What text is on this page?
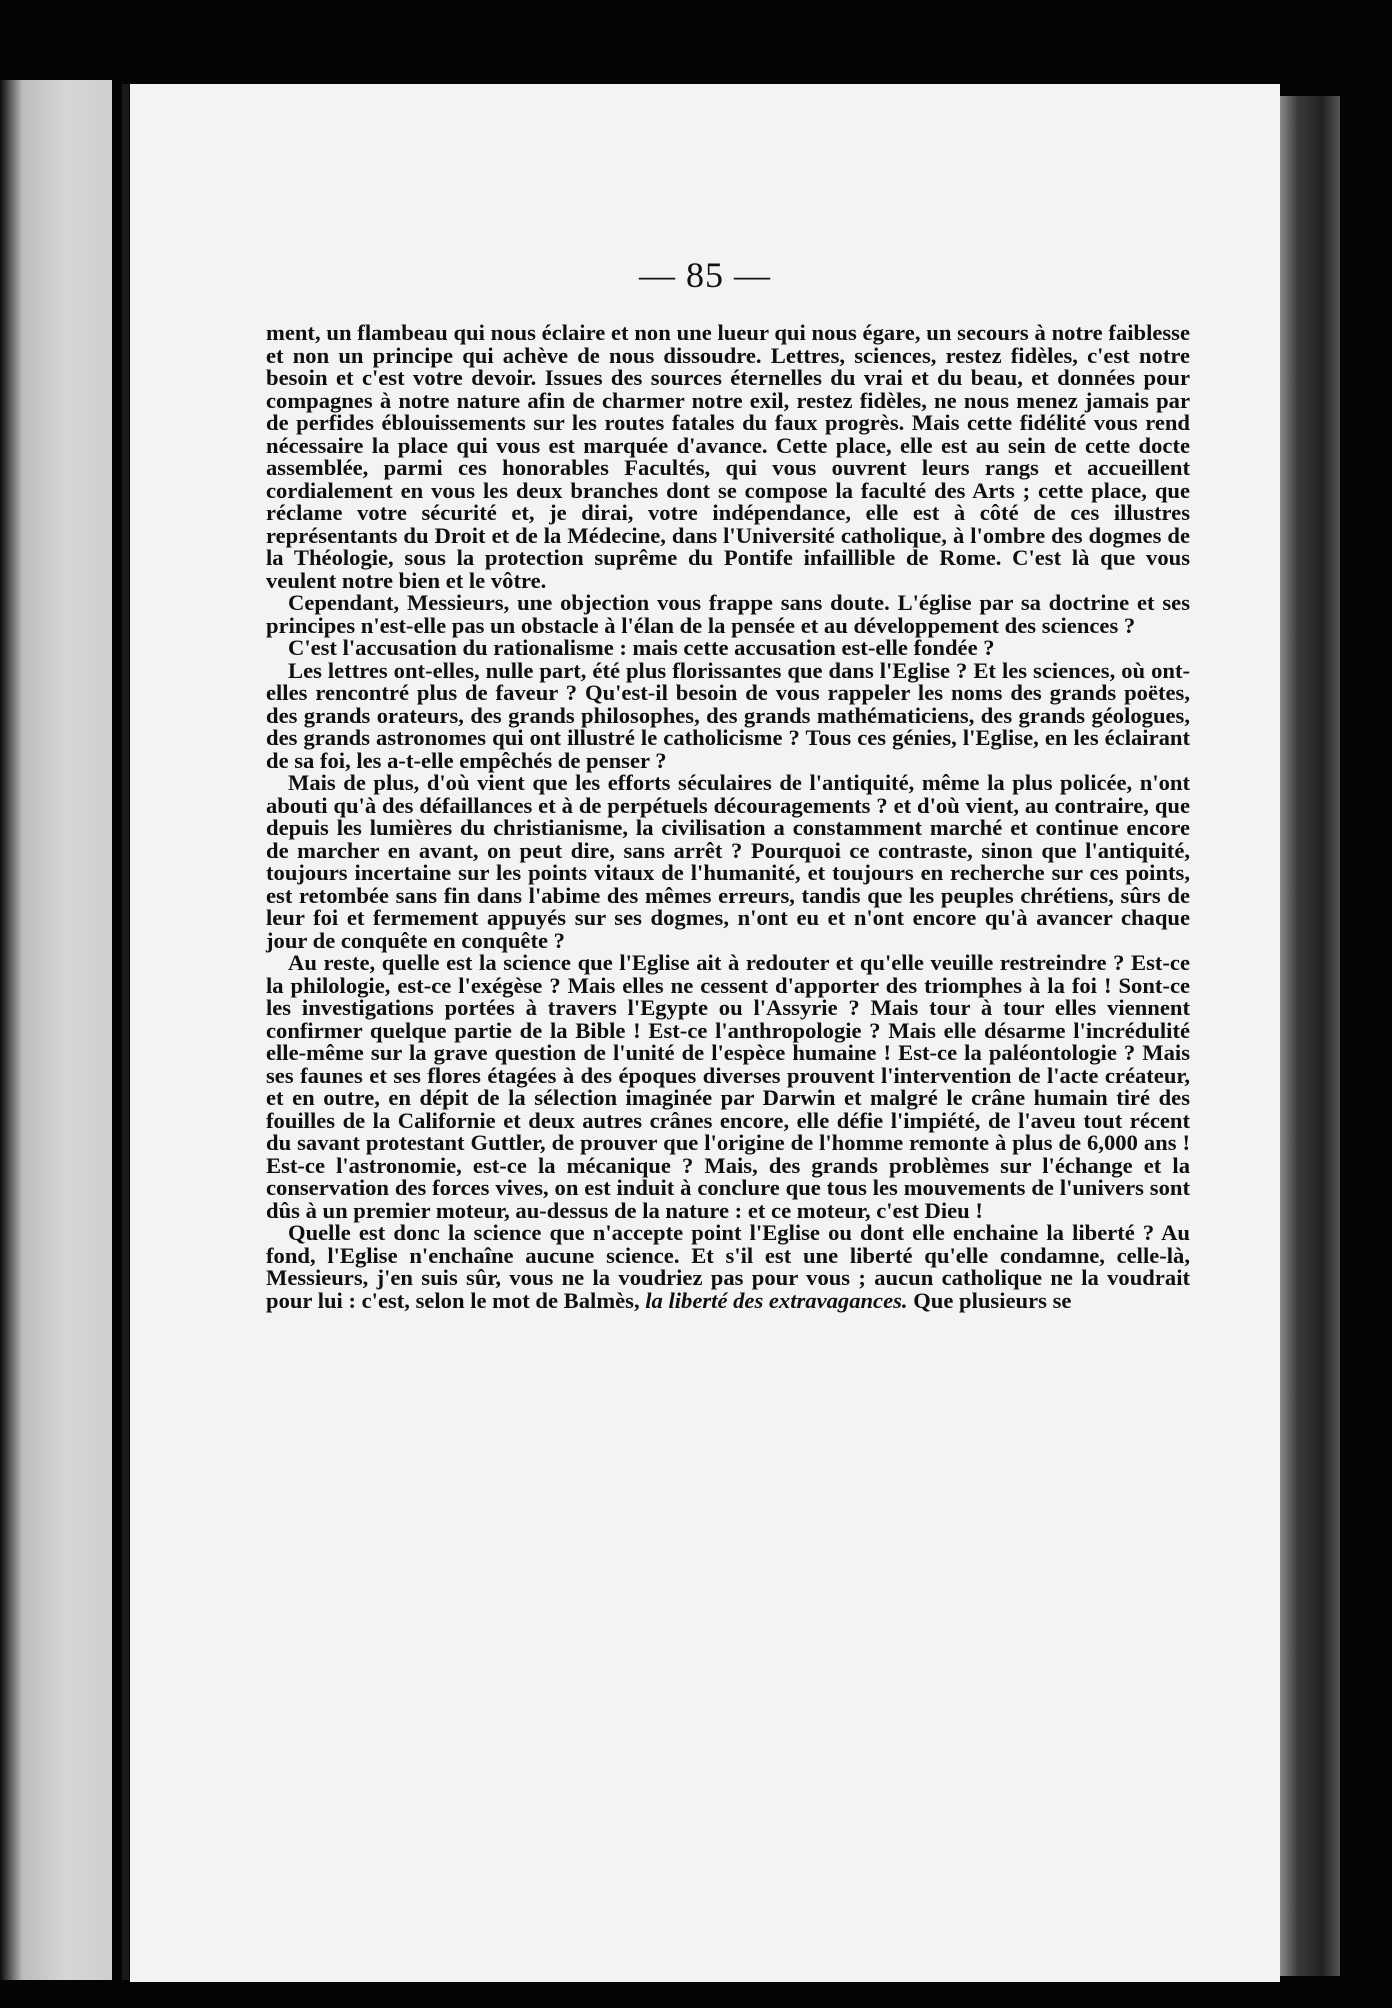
— 85 —

ment, un flambeau qui nous éclaire et non une lueur qui nous égare, un secours à notre faiblesse et non un principe qui achève de nous dissoudre. Lettres, sciences, restez fidèles, c'est notre besoin et c'est votre devoir. Issues des sources éternelles du vrai et du beau, et données pour compagnes à notre nature afin de charmer notre exil, restez fidèles, ne nous menez jamais par de perfides éblouissements sur les routes fatales du faux progrès. Mais cette fidélité vous rend nécessaire la place qui vous est marquée d'avance. Cette place, elle est au sein de cette docte assemblée, parmi ces honorables Facultés, qui vous ouvrent leurs rangs et accueillent cordialement en vous les deux branches dont se compose la faculté des Arts ; cette place, que réclame votre sécurité et, je dirai, votre indépendance, elle est à côté de ces illustres représentants du Droit et de la Médecine, dans l'Université catholique, à l'ombre des dogmes de la Théologie, sous la protection suprême du Pontife infaillible de Rome. C'est là que vous veulent notre bien et le vôtre.

Cependant, Messieurs, une objection vous frappe sans doute. L'église par sa doctrine et ses principes n'est-elle pas un obstacle à l'élan de la pensée et au développement des sciences ?

C'est l'accusation du rationalisme : mais cette accusation est-elle fondée ?

Les lettres ont-elles, nulle part, été plus florissantes que dans l'Eglise ? Et les sciences, où ont-elles rencontré plus de faveur ? Qu'est-il besoin de vous rappeler les noms des grands poëtes, des grands orateurs, des grands philosophes, des grands mathématiciens, des grands géologues, des grands astronomes qui ont illustré le catholicisme ? Tous ces génies, l'Eglise, en les éclairant de sa foi, les a-t-elle empêchés de penser ?

Mais de plus, d'où vient que les efforts séculaires de l'antiquité, même la plus policée, n'ont abouti qu'à des défaillances et à de perpétuels découragements ? et d'où vient, au contraire, que depuis les lumières du christianisme, la civilisation a constamment marché et continue encore de marcher en avant, on peut dire, sans arrêt ? Pourquoi ce contraste, sinon que l'antiquité, toujours incertaine sur les points vitaux de l'humanité, et toujours en recherche sur ces points, est retombée sans fin dans l'abime des mêmes erreurs, tandis que les peuples chrétiens, sûrs de leur foi et fermement appuyés sur ses dogmes, n'ont eu et n'ont encore qu'à avancer chaque jour de conquête en conquête ?

Au reste, quelle est la science que l'Eglise ait à redouter et qu'elle veuille restreindre ? Est-ce la philologie, est-ce l'exégèse ? Mais elles ne cessent d'apporter des triomphes à la foi ! Sont-ce les investigations portées à travers l'Egypte ou l'Assyrie ? Mais tour à tour elles viennent confirmer quelque partie de la Bible ! Est-ce l'anthropologie ? Mais elle désarme l'incrédulité elle-même sur la grave question de l'unité de l'espèce humaine ! Est-ce la paléontologie ? Mais ses faunes et ses flores étagées à des époques diverses prouvent l'intervention de l'acte créateur, et en outre, en dépit de la sélection imaginée par Darwin et malgré le crâne humain tiré des fouilles de la Californie et deux autres crânes encore, elle défie l'impiété, de l'aveu tout récent du savant protestant Guttler, de prouver que l'origine de l'homme remonte à plus de 6,000 ans ! Est-ce l'astronomie, est-ce la mécanique ? Mais, des grands problèmes sur l'échange et la conservation des forces vives, on est induit à conclure que tous les mouvements de l'univers sont dûs à un premier moteur, au-dessus de la nature : et ce moteur, c'est Dieu !

Quelle est donc la science que n'accepte point l'Eglise ou dont elle enchaine la liberté ? Au fond, l'Eglise n'enchaîne aucune science. Et s'il est une liberté qu'elle condamne, celle-là, Messieurs, j'en suis sûr, vous ne la voudriez pas pour vous ; aucun catholique ne la voudrait pour lui : c'est, selon le mot de Balmès, la liberté des extravagances. Que plusieurs se
